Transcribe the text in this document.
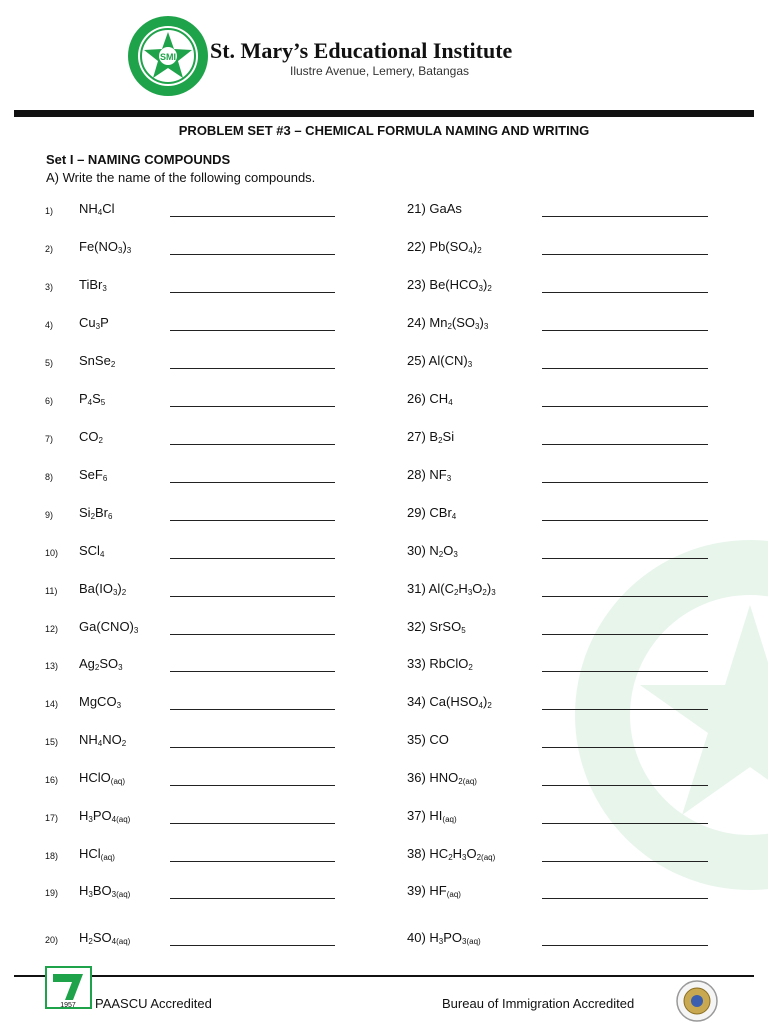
SMI St. Mary’s Educational Institute
Ilustre Avenue, Lemery, Batangas
PROBLEM SET #3 – CHEMICAL FORMULA NAMING AND WRITING
Set I – NAMING COMPOUNDS
A) Write the name of the following compounds.
1) $NH_4Cl$
2) $Fe(NO_3)_3$
3) TiBr$_3$
4) $Cu_3P$
5) SnSe$_2$
6) $P_4S_5$
7) $CO_2$
8) SeF$_6$
9) $Si_2Br_6$
10) SCl$_4$
11) $Ba(IO_3)_2$
12) $Ga(CNO)_3$
13) $Ag_2SO_3$
14) MgCO$_3$
15) $NH_4NO_2$
16) HClO$_{(aq)}$
17) $H_3PO_{4(aq)}$
18) HCl$_{(aq)}$
19) $H_3BO_{3(aq)}$
20) $H_2SO_{4(aq)}$
21) GaAs
22) $Pb(SO_4)_2$
23) $Be(HCO_3)_2$
24) $Mn_2(SO_3)_3$
25) $Al(CN)_3$
26) $CH_4$
27) $B_2Si$
28) $NF_3$
29) CBr$_4$
30) $N_2O_3$
31) $Al(C_2H_3O_2)_3$
32) SrSO$_5$
33) RbClO$_2$
34) $Ca(HSO_4)_2$
35) CO
36) $HNO_{2(aq)}$
37) $HI_{(aq)}$
38) $HC_2H_3O_{2(aq)}$
39) $HF_{(aq)}$
40) $H_3PO_{3(aq)}$
1957 PAASCU Accredited	Bureau of Immigration Accredited
